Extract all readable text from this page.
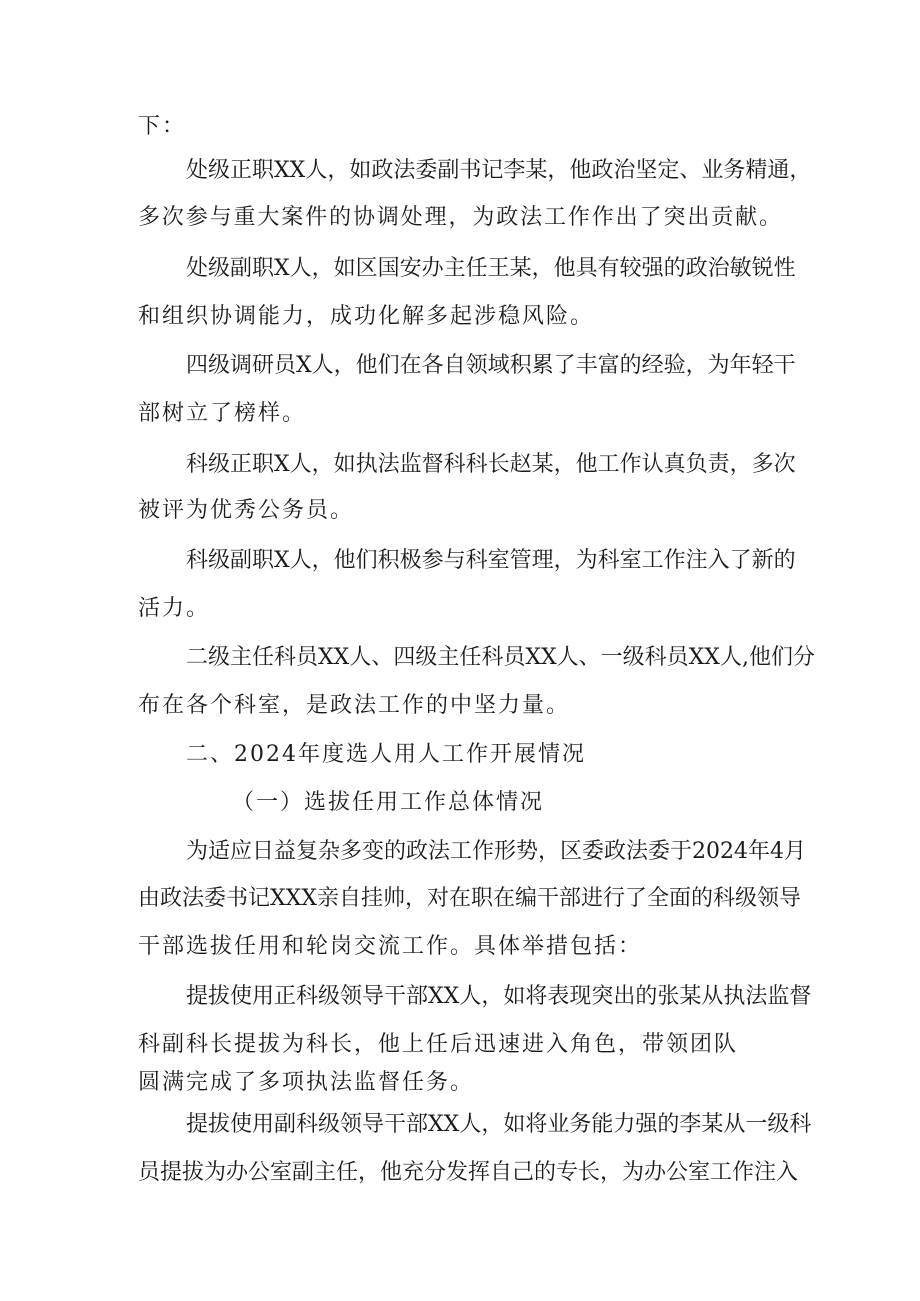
下：
处级正职XX人，如政法委副书记李某，他政治坚定、业务精通，
多次参与重大案件的协调处理，为政法工作作出了突出贡献。
处级副职X人，如区国安办主任王某，他具有较强的政治敏锐性
和组织协调能力，成功化解多起涉稳风险。
四级调研员X人，他们在各自领域积累了丰富的经验，为年轻干
部树立了榜样。
科级正职X人，如执法监督科科长赵某，他工作认真负责，多次
被评为优秀公务员。
科级副职X人，他们积极参与科室管理，为科室工作注入了新的
活力。
二级主任科员XX人、四级主任科员XX人、一级科员XX人,他们分
布在各个科室，是政法工作的中坚力量。
二、2024年度选人用人工作开展情况
（一）选拔任用工作总体情况
为适应日益复杂多变的政法工作形势，区委政法委于2024年4月
由政法委书记XXX亲自挂帅，对在职在编干部进行了全面的科级领导
干部选拔任用和轮岗交流工作。具体举措包括：
提拔使用正科级领导干部XX人，如将表现突出的张某从执法监督
科副科长提拔为科长，他上任后迅速进入角色，带领团队
圆满完成了多项执法监督任务。
提拔使用副科级领导干部XX人，如将业务能力强的李某从一级科
员提拔为办公室副主任，他充分发挥自己的专长，为办公室工作注入
